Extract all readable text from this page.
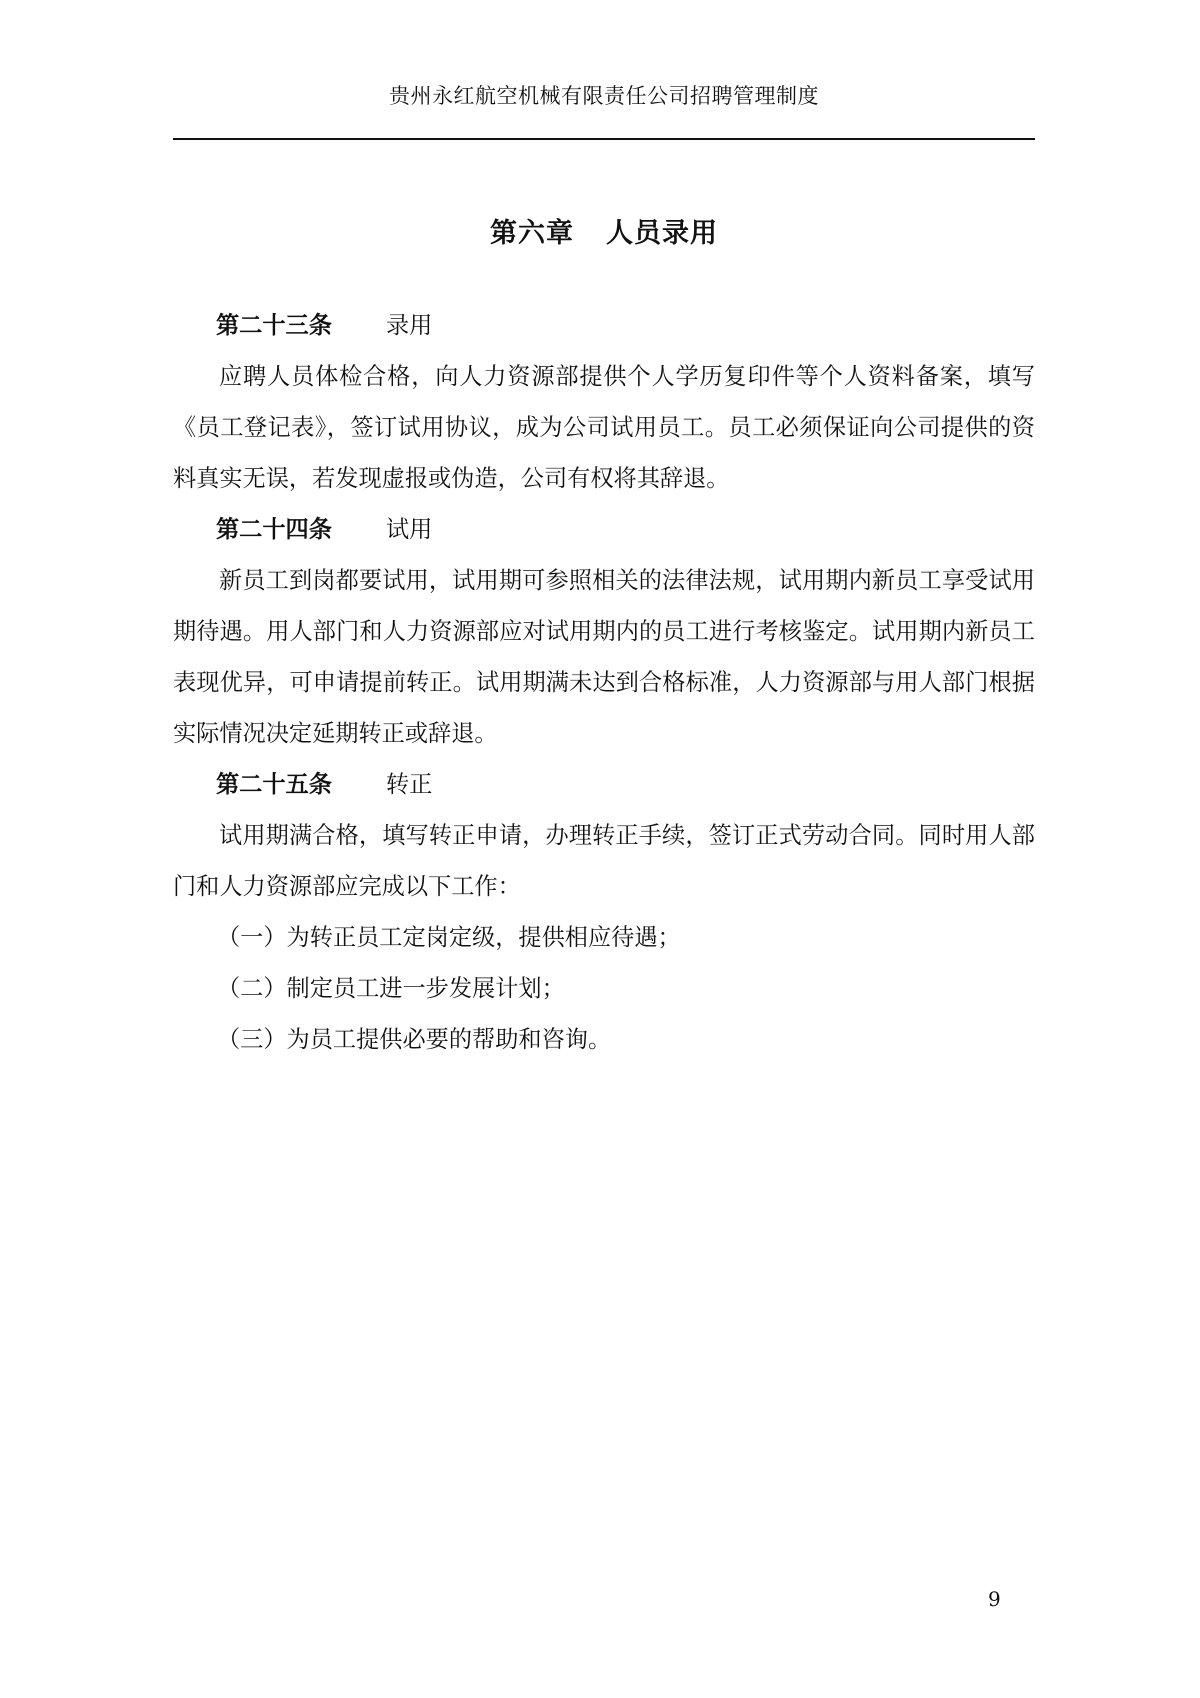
贵州永红航空机械有限责任公司招聘管理制度
第六章 人员录用
第二十三条 录用

应聘人员体检合格，向人力资源部提供个人学历复印件等个人资料备案，填写《员工登记表》，签订试用协议，成为公司试用员工。员工必须保证向公司提供的资料真实无误，若发现虚报或伪造，公司有权将其辞退。

第二十四条 试用

新员工到岗都要试用，试用期可参照相关的法律法规，试用期内新员工享受试用期待遇。用人部门和人力资源部应对试用期内的员工进行考核鉴定。试用期内新员工表现优异，可申请提前转正。试用期满未达到合格标准，人力资源部与用人部门根据实际情况决定延期转正或辞退。

第二十五条 转正

试用期满合格，填写转正申请，办理转正手续，签订正式劳动合同。同时用人部门和人力资源部应完成以下工作：

（一）为转正员工定岗定级，提供相应待遇；
（二）制定员工进一步发展计划；
（三）为员工提供必要的帮助和咨询。
9
